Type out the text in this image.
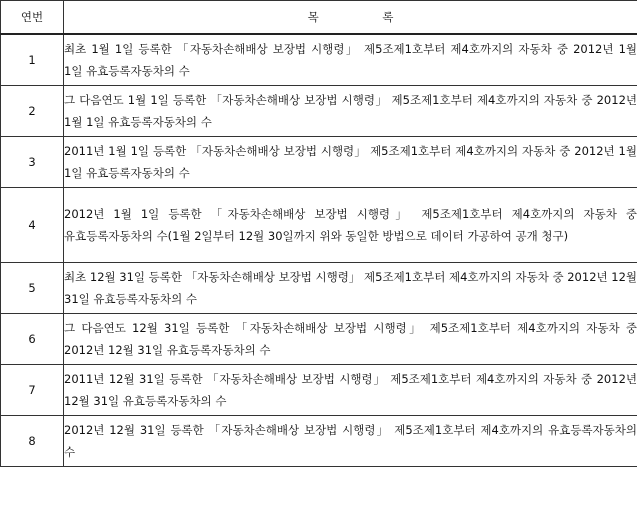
연번	목 록
1	최초 1월 1일 등록한 「자동차손해배상 보장법 시행령」 제5조제1호부터 제4호까지의 자동차 중 2012년 1월 1일 유효등록자동차의 수
2	그 다음연도 1월 1일 등록한 「자동차손해배상 보장법 시행령」 제5조제1호부터 제4호까지의 자동차 중 2012년 1월 1일 유효등록자동차의 수
3	2011년 1월 1일 등록한 「자동차손해배상 보장법 시행령」 제5조제1호부터 제4호까지의 자동차 중 2012년 1월 1일 유효등록자동차의 수
4	2012년 1월 1일 등록한 「자동차손해배상 보장법 시행령」 제5조제1호부터 제4호까지의 자동차 중 유효등록자동차의 수(1월 2일부터 12월 30일까지 위와 동일한 방법으로 데이터 가공하여 공개 청구)
5	최초 12월 31일 등록한 「자동차손해배상 보장법 시행령」 제5조제1호부터 제4호까지의 자동차 중 2012년 12월 31일 유효등록자동차의 수
6	그 다음연도 12월 31일 등록한 「자동차손해배상 보장법 시행령」 제5조제1호부터 제4호까지의 자동차 중 2012년 12월 31일 유효등록자동차의 수
7	2011년 12월 31일 등록한 「자동차손해배상 보장법 시행령」 제5조제1호부터 제4호까지의 자동차 중 2012년 12월 31일 유효등록자동차의 수
8	2012년 12월 31일 등록한 「자동차손해배상 보장법 시행령」 제5조제1호부터 제4호까지의 유효등록자동차의 수
